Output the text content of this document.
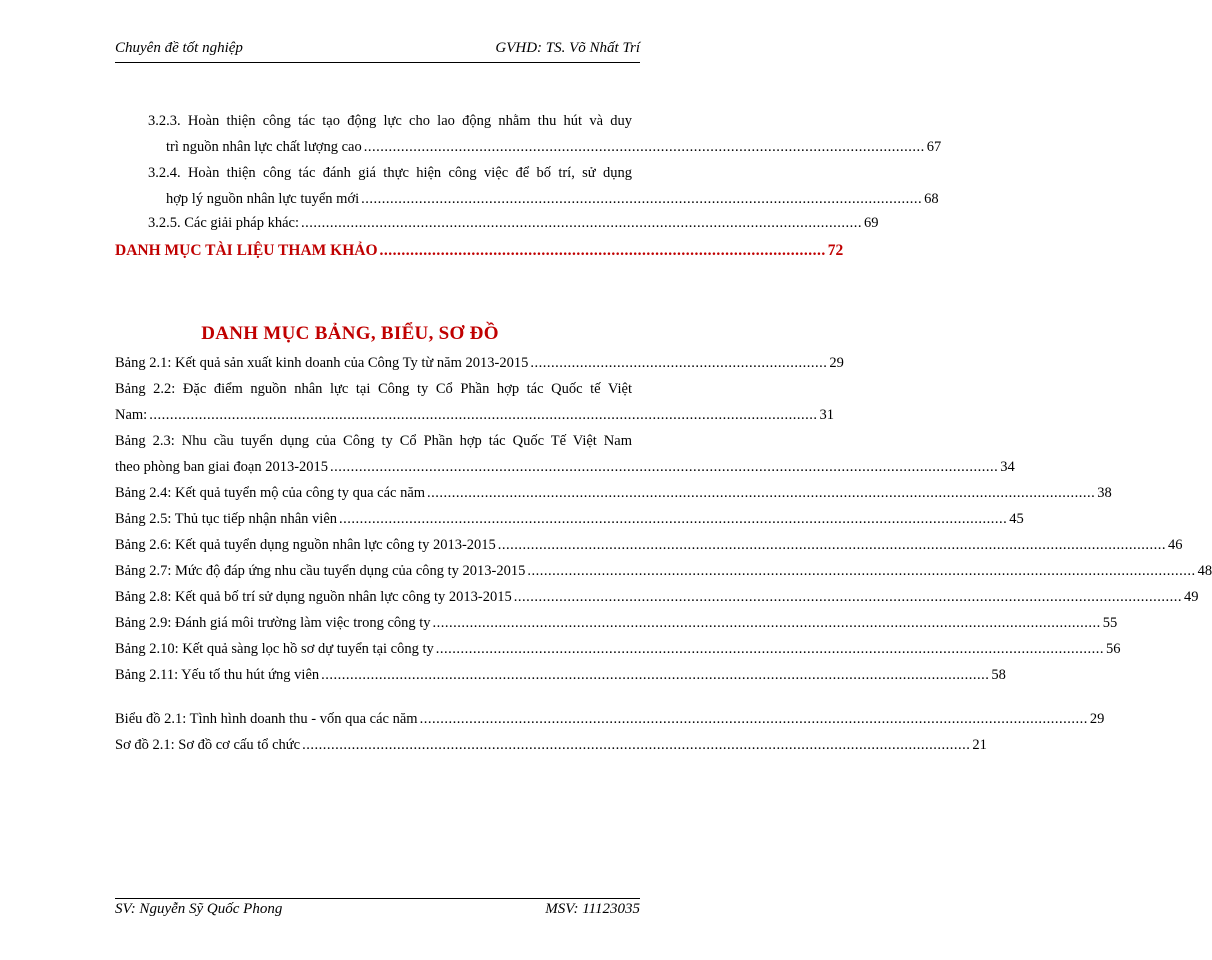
Chuyên đề tốt nghiệp	GVHD: TS. Võ Nhất Trí
3.2.3. Hoàn thiện công tác tạo động lực cho lao động nhằm thu hút và duy
trì nguồn nhân lực chất lượng cao ........................................................................................................................................ 67
3.2.4. Hoàn thiện công tác đánh giá thực hiện công việc để bố trí, sử dụng
hợp lý nguồn nhân lực tuyển mới ........................................................................................................................................ 68
3.2.5. Các giải pháp khác: ........................................................................................................................................ 69
DANH MỤC TÀI LIỆU THAM KHẢO ...................................................................................................... 72
DANH MỤC BẢNG, BIỂU, SƠ ĐỒ
Bảng 2.1: Kết quả sản xuất kinh doanh của Công Ty từ năm 2013-2015 ........................................................................ 29
Bảng 2.2: Đặc điểm nguồn nhân lực tại Công ty Cổ Phần hợp tác Quốc tế Việt
Nam: .................................................................................................................................................................. 31
Bảng 2.3: Nhu cầu tuyển dụng của Công ty Cổ Phần hợp tác Quốc Tế Việt Nam
theo phòng ban giai đoạn 2013-2015 .................................................................................................................................................................. 34
Bảng 2.4: Kết quả tuyển mộ của công ty qua các năm .................................................................................................................................................................. 38
Bảng 2.5: Thủ tục tiếp nhận nhân viên .................................................................................................................................................................. 45
Bảng 2.6: Kết quả tuyển dụng nguồn nhân lực công ty 2013-2015 .................................................................................................................................................................. 46
Bảng 2.7: Mức độ đáp ứng nhu cầu tuyển dụng của công ty 2013-2015 .................................................................................................................................................................. 48
Bảng 2.8: Kết quả bố trí sử dụng nguồn nhân lực công ty 2013-2015 .................................................................................................................................................................. 49
Bảng 2.9: Đánh giá môi trường làm việc trong công ty .................................................................................................................................................................. 55
Bảng 2.10: Kết quả sàng lọc hồ sơ dự tuyển tại công ty .................................................................................................................................................................. 56
Bảng 2.11: Yếu tố thu hút ứng viên .................................................................................................................................................................. 58
Biểu đồ 2.1: Tình hình doanh thu - vốn qua các năm .................................................................................................................................................................. 29
Sơ đồ 2.1: Sơ đồ cơ cấu tổ chức .................................................................................................................................................................. 21
SV: Nguyễn Sỹ Quốc Phong	MSV: 11123035
